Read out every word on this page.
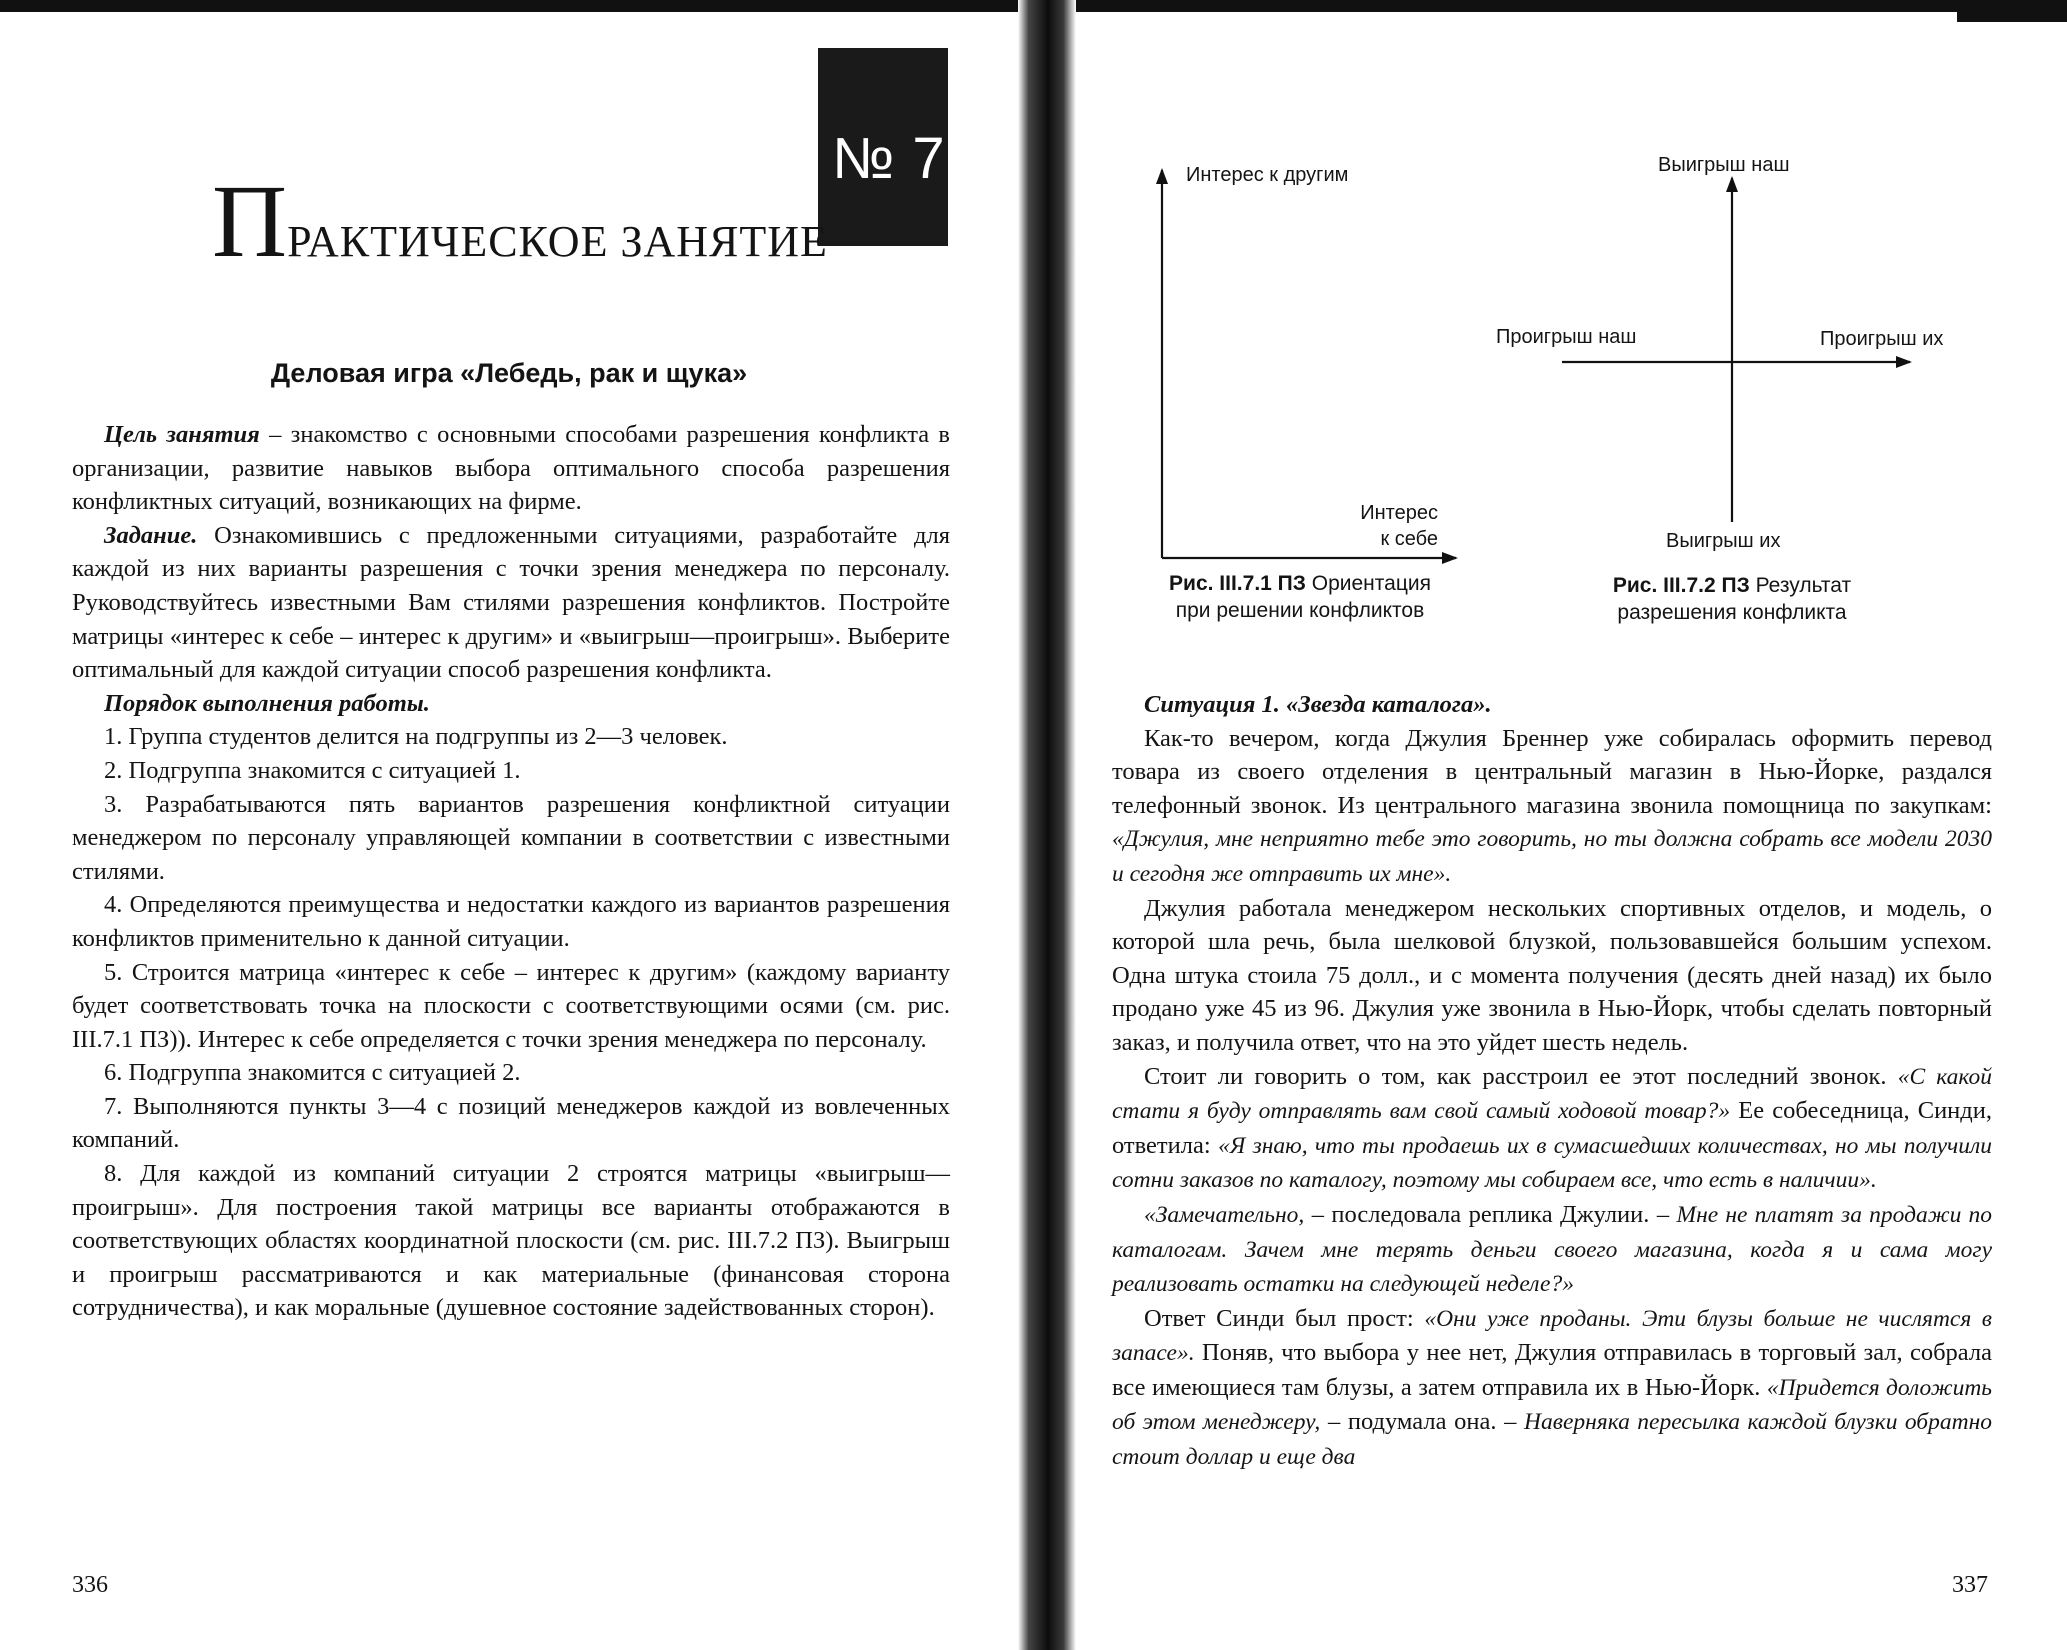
№ 7
ПРАКТИЧЕСКОЕ ЗАНЯТИЕ
Деловая игра «Лебедь, рак и щука»

Цель занятия – знакомство с основными способами разрешения конфликта в организации, развитие навыков выбора оптимального способа разрешения конфликтных ситуаций, возникающих на фирме.

Задание. Ознакомившись с предложенными ситуациями, разработайте для каждой из них варианты разрешения с точки зрения менеджера по персоналу. Руководствуйтесь известными Вам стилями разрешения конфликтов. Постройте матрицы «интерес к себе – интерес к другим» и «выигрыш—проигрыш». Выберите оптимальный для каждой ситуации способ разрешения конфликта.

Порядок выполнения работы.

1. Группа студентов делится на подгруппы из 2—3 человек.

2. Подгруппа знакомится с ситуацией 1.

3. Разрабатываются пять вариантов разрешения конфликтной ситуации менеджером по персоналу управляющей компании в соответствии с известными стилями.

4. Определяются преимущества и недостатки каждого из вариантов разрешения конфликтов применительно к данной ситуации.

5. Строится матрица «интерес к себе – интерес к другим» (каждому варианту будет соответствовать точка на плоскости с соответствующими осями (см. рис. III.7.1 ПЗ)). Интерес к себе определяется с точки зрения менеджера по персоналу.

6. Подгруппа знакомится с ситуацией 2.

7. Выполняются пункты 3—4 с позиций менеджеров каждой из вовлеченных компаний.

8. Для каждой из компаний ситуации 2 строятся матрицы «выигрыш—проигрыш». Для построения такой матрицы все варианты отображаются в соответствующих областях координатной плоскости (см. рис. III.7.2 ПЗ). Выигрыш и проигрыш рассматриваются и как материальные (финансовая сторона сотрудничества), и как моральные (душевное состояние задействованных сторон).

336
Интерес к другим
Интерес
к себе
Рис. III.7.1 ПЗ Ориентация
при решении конфликтов
Выигрыш наш
Проигрыш наш	Проигрыш их
Выигрыш их
Рис. III.7.2 ПЗ Результат
разрешения конфликта

Ситуация 1. «Звезда каталога».

Как-то вечером, когда Джулия Бреннер уже собиралась оформить перевод товара из своего отделения в центральный магазин в Нью-Йорке, раздался телефонный звонок. Из центрального магазина звонила помощница по закупкам: «Джулия, мне неприятно тебе это говорить, но ты должна собрать все модели 2030 и сегодня же отправить их мне».

Джулия работала менеджером нескольких спортивных отделов, и модель, о которой шла речь, была шелковой блузкой, пользовавшейся большим успехом. Одна штука стоила 75 долл., и с момента получения (десять дней назад) их было продано уже 45 из 96. Джулия уже звонила в Нью-Йорк, чтобы сделать повторный заказ, и получила ответ, что на это уйдет шесть недель.

Стоит ли говорить о том, как расстроил ее этот последний звонок. «С какой стати я буду отправлять вам свой самый ходовой товар?» Ее собеседница, Синди, ответила: «Я знаю, что ты продаешь их в сумасшедших количествах, но мы получили сотни заказов по каталогу, поэтому мы собираем все, что есть в наличии».

«Замечательно, – последовала реплика Джулии. – Мне не платят за продажи по каталогам. Зачем мне терять деньги своего магазина, когда я и сама могу реализовать остатки на следующей неделе?»

Ответ Синди был прост: «Они уже проданы. Эти блузы больше не числятся в запасе». Поняв, что выбора у нее нет, Джулия отправилась в торговый зал, собрала все имеющиеся там блузы, а затем отправила их в Нью-Йорк. «Придется доложить об этом менеджеру, – подумала она. – Наверняка пересылка каждой блузки обратно стоит доллар и еще два

337
